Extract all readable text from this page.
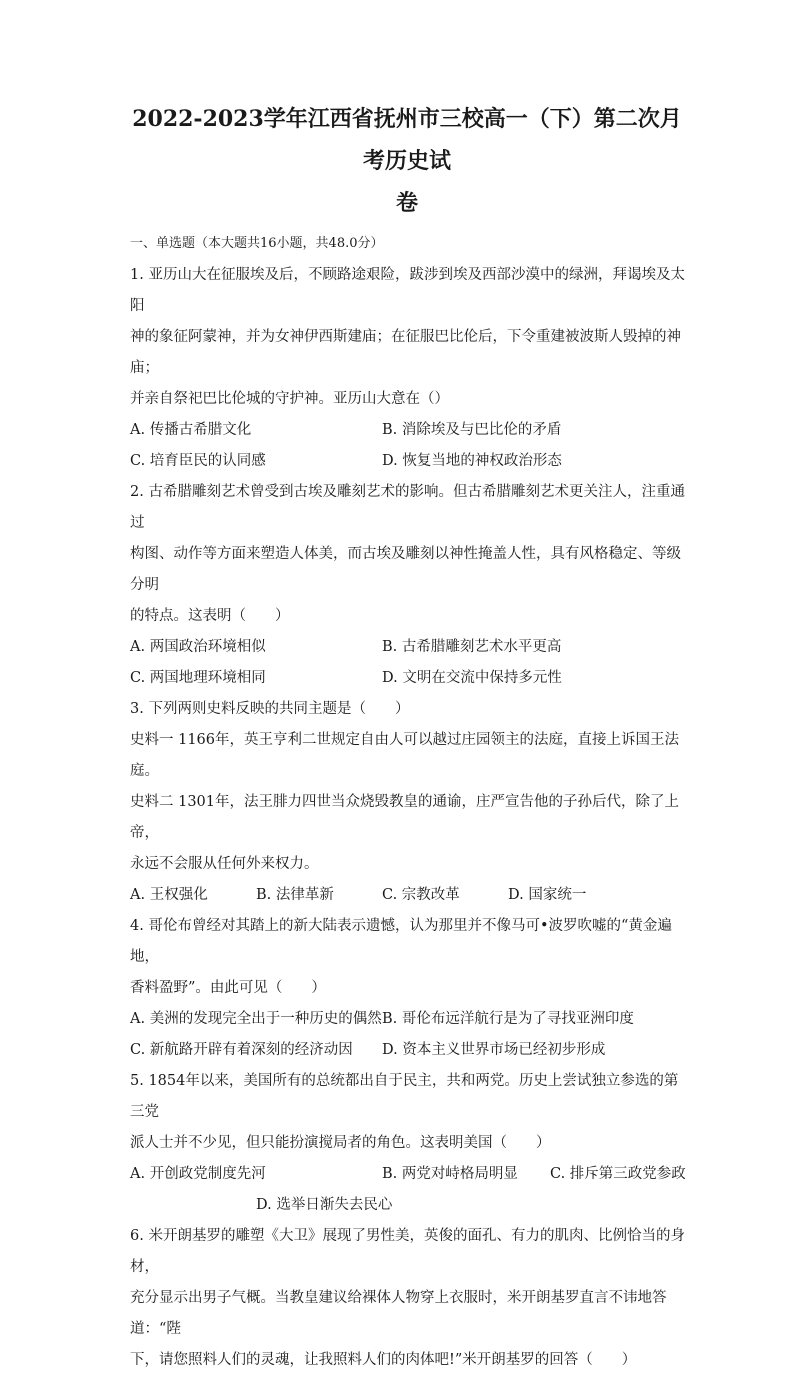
2022-2023学年江西省抚州市三校高一（下）第二次月考历史试
卷
一、单选题（本大题共16小题，共48.0分）

1. 亚历山大在征服埃及后，不顾路途艰险，跋涉到埃及西部沙漠中的绿洲，拜谒埃及太阳

神的象征阿蒙神，并为女神伊西斯建庙；在征服巴比伦后，下令重建被波斯人毁掉的神庙；

并亲自祭祀巴比伦城的守护神。亚历山大意在（）

A. 传播古希腊文化	B. 消除埃及与巴比伦的矛盾
C. 培育臣民的认同感	D. 恢复当地的神权政治形态

2. 古希腊雕刻艺术曾受到古埃及雕刻艺术的影响。但古希腊雕刻艺术更关注人，注重通过

构图、动作等方面来塑造人体美，而古埃及雕刻以神性掩盖人性，具有风格稳定、等级分明

的特点。这表明（　　）

A. 两国政治环境相似	B. 古希腊雕刻艺术水平更高
C. 两国地理环境相同	D. 文明在交流中保持多元性

3. 下列两则史料反映的共同主题是（　　）

史料一 1166年，英王亨利二世规定自由人可以越过庄园领主的法庭，直接上诉国王法庭。

史料二 1301年，法王腓力四世当众烧毁教皇的通谕，庄严宣告他的子孙后代，除了上帝，

永远不会服从任何外来权力。

A. 王权强化	B. 法律革新	C. 宗教改革	D. 国家统一

4. 哥伦布曾经对其踏上的新大陆表示遗憾，认为那里并不像马可•波罗吹嘘的“黄金遍地，

香料盈野”。由此可见（　　）

A. 美洲的发现完全出于一种历史的偶然 B. 哥伦布远洋航行是为了寻找亚洲印度
C. 新航路开辟有着深刻的经济动因	D. 资本主义世界市场已经初步形成

5. 1854年以来，美国所有的总统都出自于民主，共和两党。历史上尝试独立参选的第三党

派人士并不少见，但只能扮演搅局者的角色。这表明美国（　　）

A. 开创政党制度先河	B. 两党对峙格局明显	C. 排斥第三政党参政
D. 选举日渐失去民心

6. 米开朗基罗的雕塑《大卫》展现了男性美，英俊的面孔、有力的肌肉、比例恰当的身材，

充分显示出男子气概。当教皇建议给裸体人物穿上衣服时，米开朗基罗直言不讳地答道：“陛

下，请您照料人们的灵魂，让我照料人们的肉体吧!”米开朗基罗的回答（　　）
